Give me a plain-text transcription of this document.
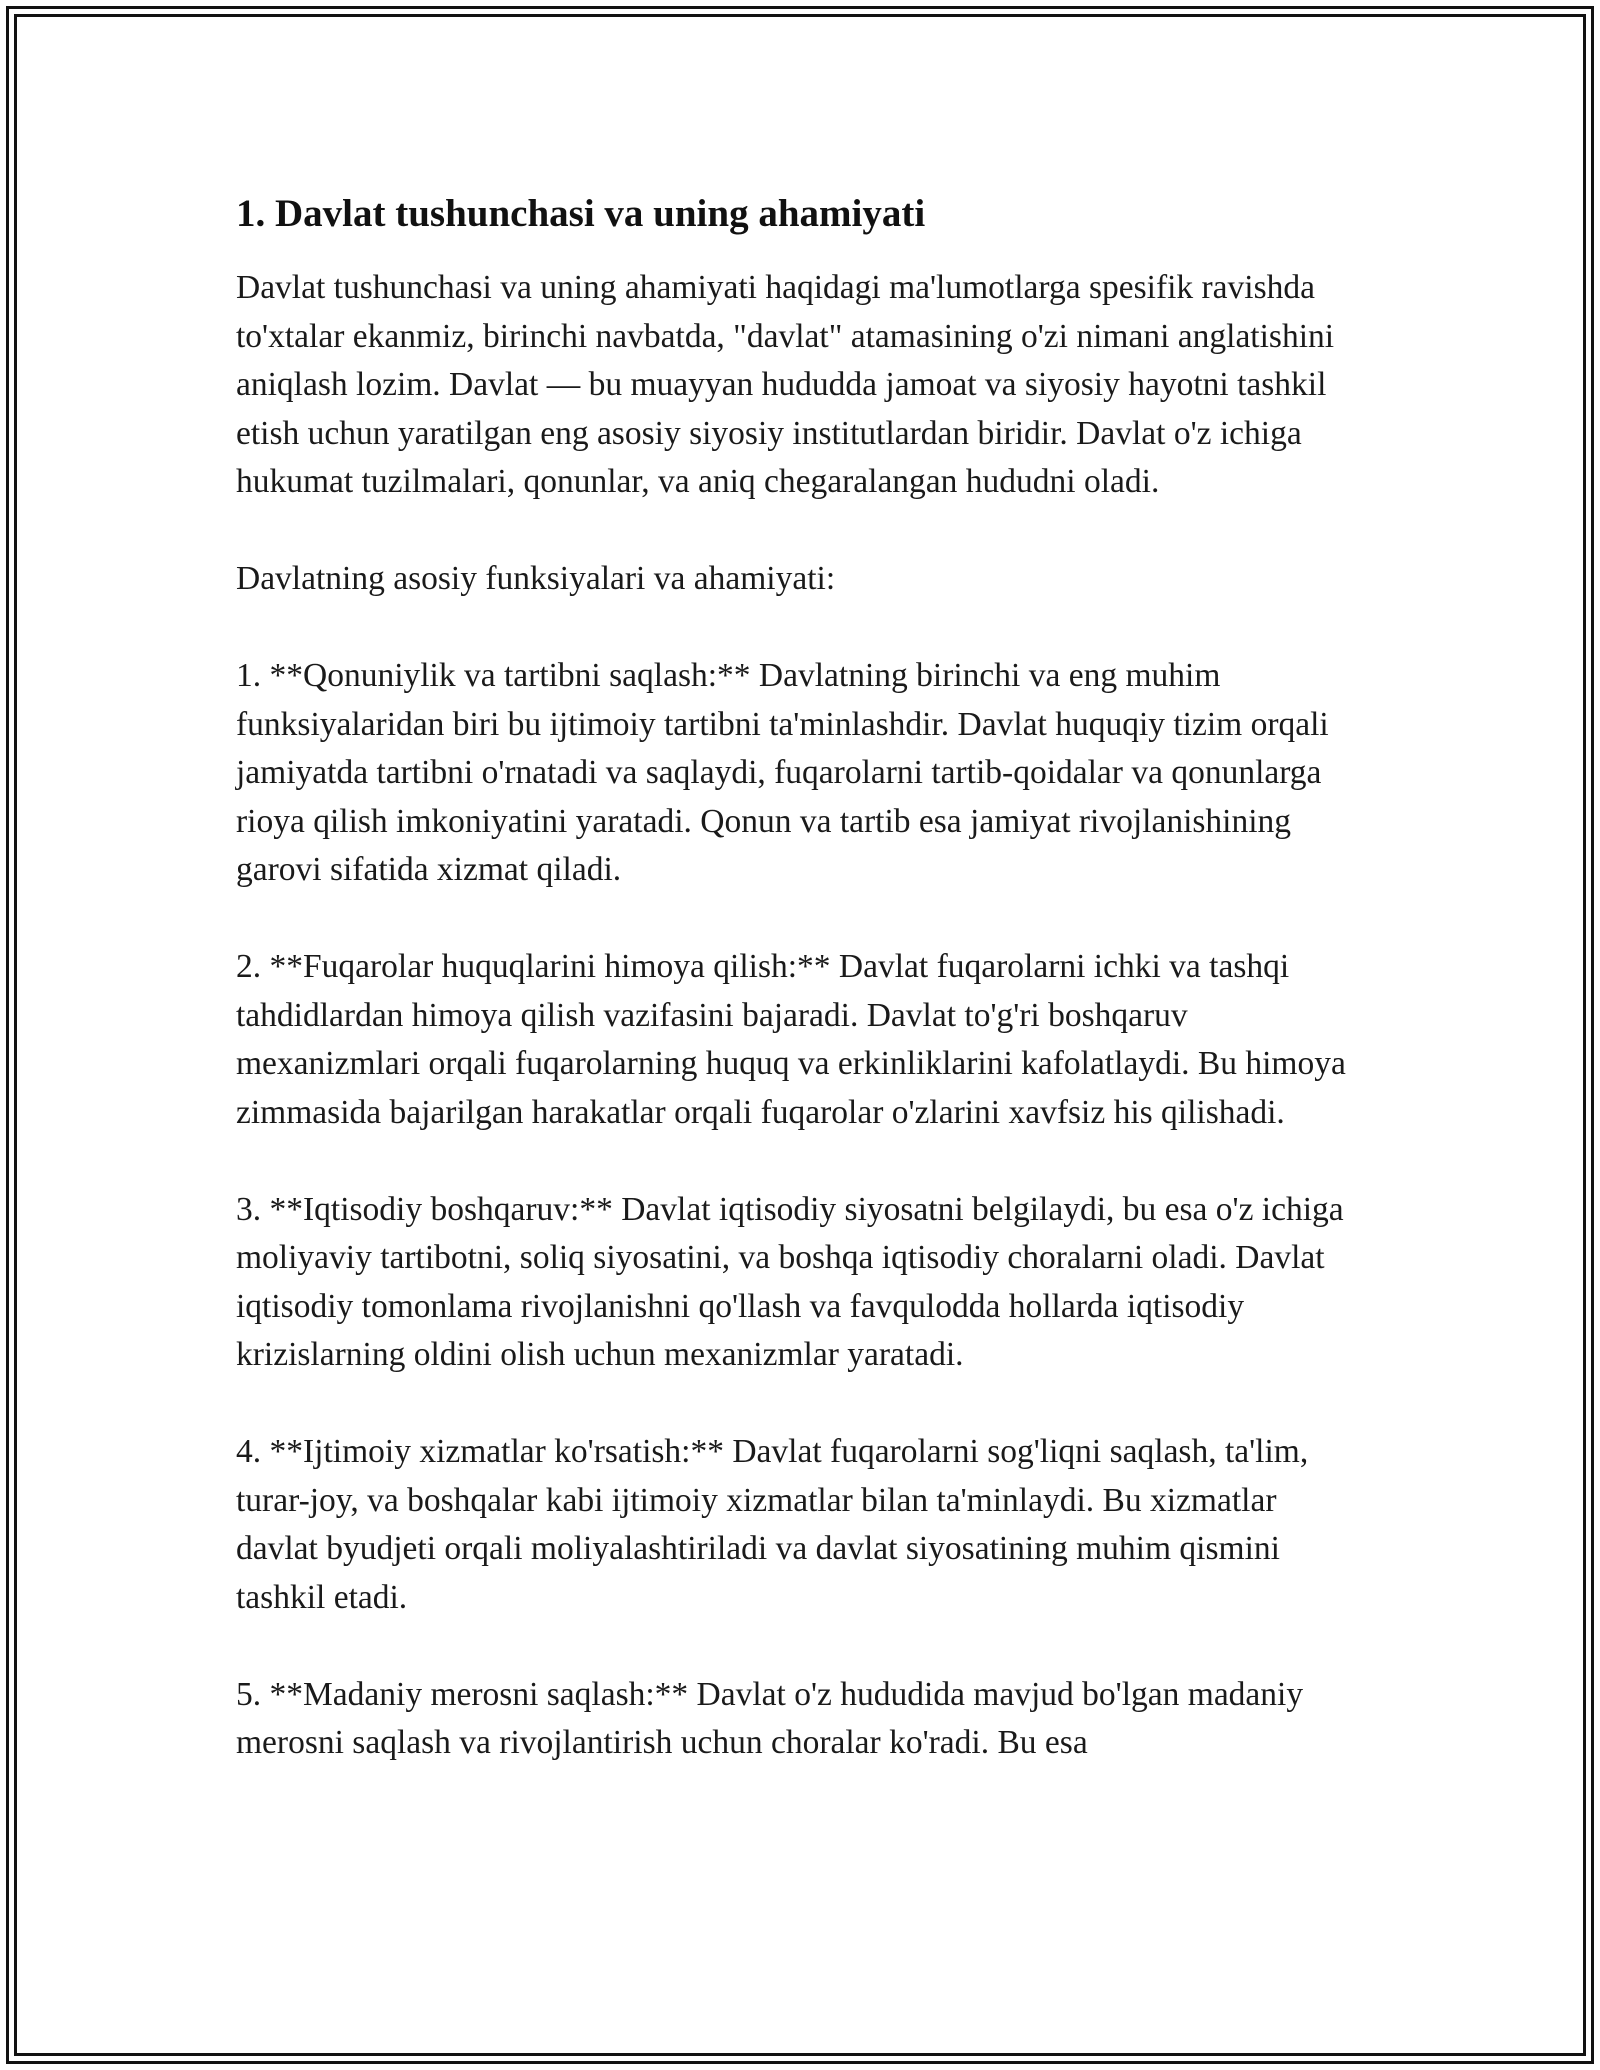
1. Davlat tushunchasi va uning ahamiyati

Davlat tushunchasi va uning ahamiyati haqidagi ma'lumotlarga spesifik ravishda to'xtalar ekanmiz, birinchi navbatda, "davlat" atamasining o'zi nimani anglatishini aniqlash lozim. Davlat — bu muayyan hududda jamoat va siyosiy hayotni tashkil etish uchun yaratilgan eng asosiy siyosiy institutlardan biridir. Davlat o'z ichiga hukumat tuzilmalari, qonunlar, va aniq chegaralangan hududni oladi.

Davlatning asosiy funksiyalari va ahamiyati:

1. **Qonuniylik va tartibni saqlash:** Davlatning birinchi va eng muhim funksiyalaridan biri bu ijtimoiy tartibni ta'minlashdir. Davlat huquqiy tizim orqali jamiyatda tartibni o'rnatadi va saqlaydi, fuqarolarni tartib-qoidalar va qonunlarga rioya qilish imkoniyatini yaratadi. Qonun va tartib esa jamiyat rivojlanishining garovi sifatida xizmat qiladi.

2. **Fuqarolar huquqlarini himoya qilish:** Davlat fuqarolarni ichki va tashqi tahdidlardan himoya qilish vazifasini bajaradi. Davlat to'g'ri boshqaruv mexanizmlari orqali fuqarolarning huquq va erkinliklarini kafolatlaydi. Bu himoya zimmasida bajarilgan harakatlar orqali fuqarolar o'zlarini xavfsiz his qilishadi.

3. **Iqtisodiy boshqaruv:** Davlat iqtisodiy siyosatni belgilaydi, bu esa o'z ichiga moliyaviy tartibotni, soliq siyosatini, va boshqa iqtisodiy choralarni oladi. Davlat iqtisodiy tomonlama rivojlanishni qo'llash va favqulodda hollarda iqtisodiy krizislarning oldini olish uchun mexanizmlar yaratadi.

4. **Ijtimoiy xizmatlar ko'rsatish:** Davlat fuqarolarni sog'liqni saqlash, ta'lim, turar-joy, va boshqalar kabi ijtimoiy xizmatlar bilan ta'minlaydi. Bu xizmatlar davlat byudjeti orqali moliyalashtiriladi va davlat siyosatining muhim qismini tashkil etadi.

5. **Madaniy merosni saqlash:** Davlat o'z hududida mavjud bo'lgan madaniy merosni saqlash va rivojlantirish uchun choralar ko'radi. Bu esa
